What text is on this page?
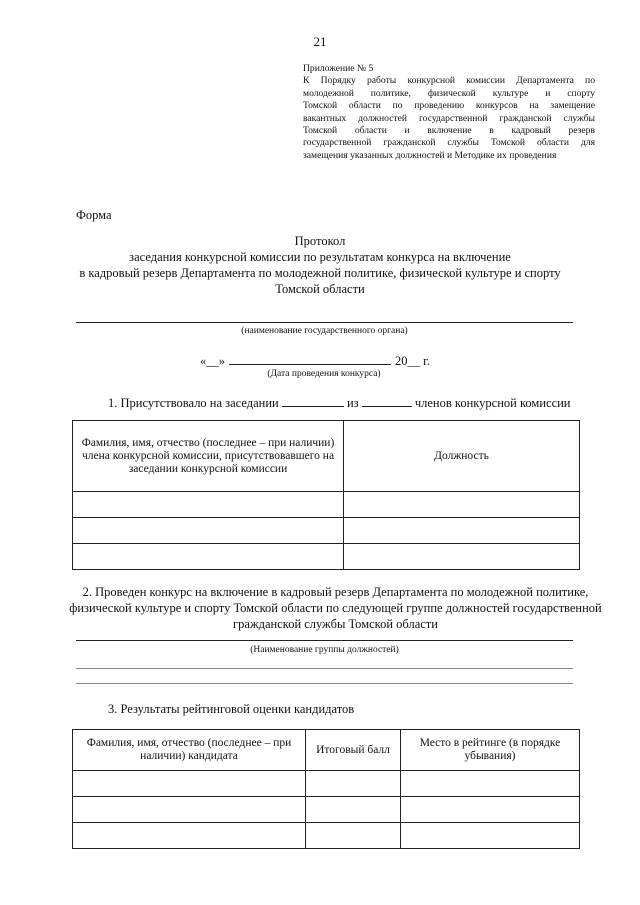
21
Приложение № 5
К Порядку работы конкурсной комиссии Департамента по
молодежной политике, физической культуре и спорту
Томской области по проведению конкурсов на замещение
вакантных должностей государственной гражданской службы
Томской области и включение в кадровый резерв
государственной гражданской службы Томской области для
замещения указанных должностей и Методике их проведения
Форма
Протокол
заседания конкурсной комиссии по результатам конкурса на включение
в кадровый резерв Департамента по молодежной политике, физической культуре и спорту
Томской области
(наименование государственного органа)
«__»	20__ г.
(Дата проведения конкурса)
1. Присутствовало на заседании	из	членов конкурсной комиссии
Фамилия, имя, отчество (последнее – при наличии) члена конкурсной комиссии, присутствовавшего на заседании конкурсной комиссии	Должность

2. Проведен конкурс на включение в кадровый резерв Департамента по молодежной политике, физической культуре и спорту Томской области по следующей группе должностей государственной гражданской службы Томской области
(Наименование группы должностей)
3. Результаты рейтинговой оценки кандидатов
Фамилия, имя, отчество (последнее – при наличии) кандидата	Итоговый балл	Место в рейтинге (в порядке убывания)
